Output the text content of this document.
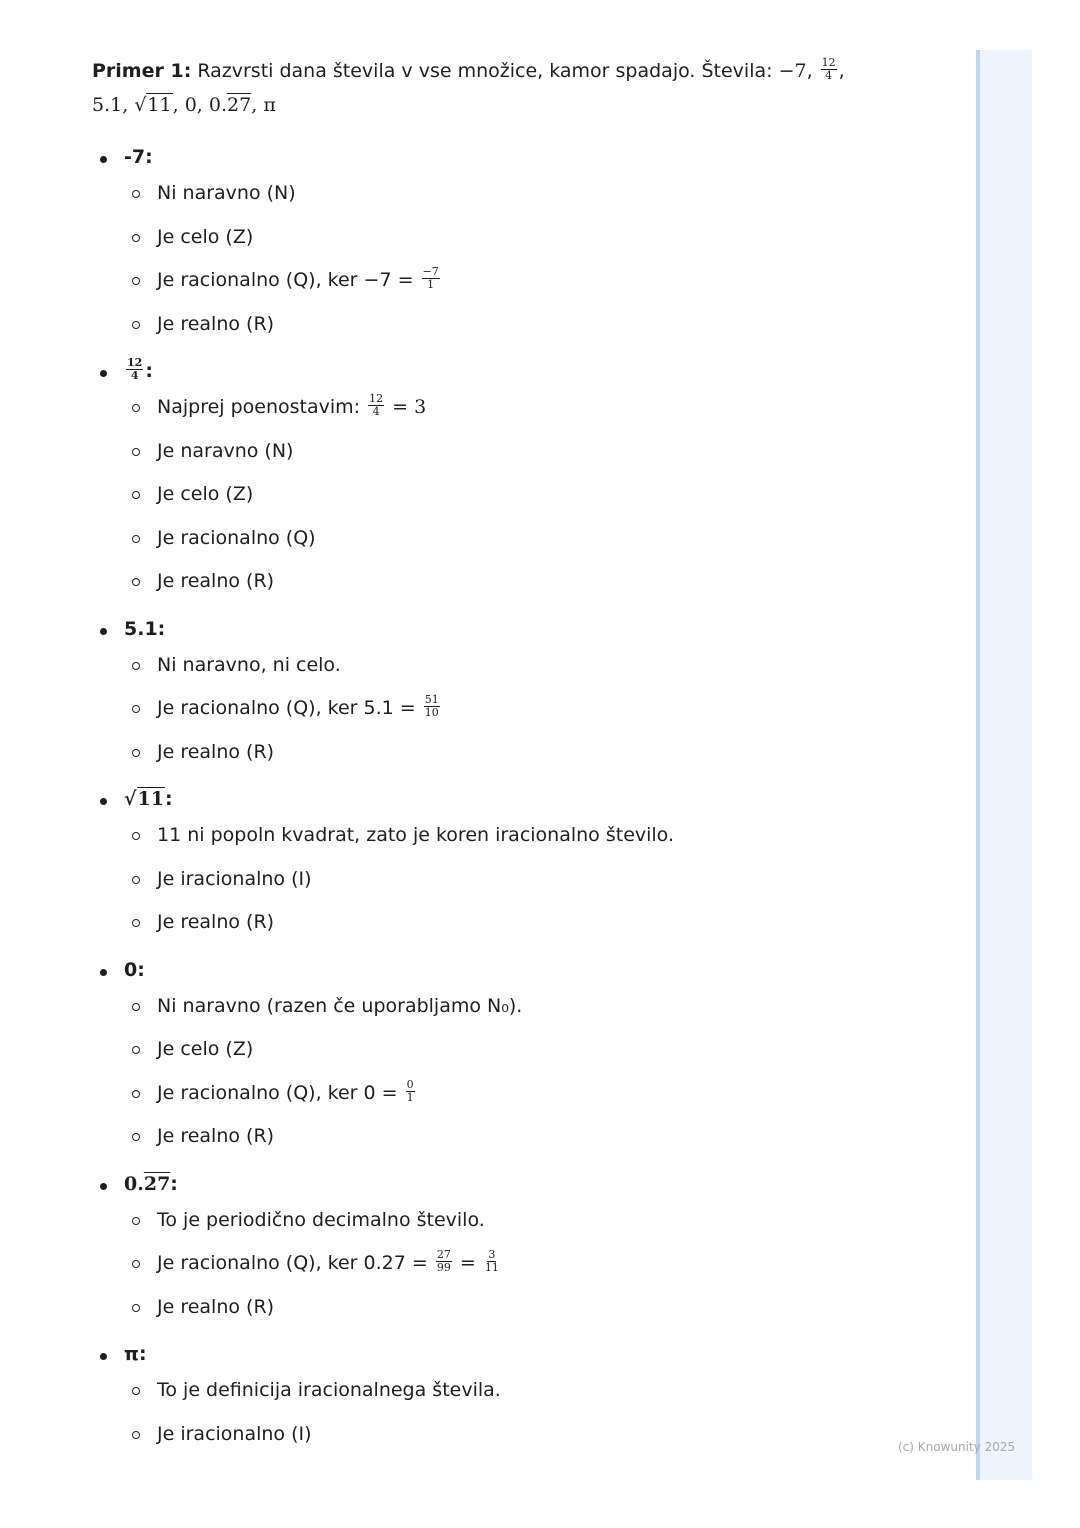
(c) Knowunity 2025

Primer 1: Razvrsti dana števila v vse množice, kamor spadajo. Števila: −7, $\frac{12}{4}$ ,
5.1, √11, 0, 0.27, π

-7:
Ni naravno (N)
Je celo (Z)
Je racionalno (Q), ker $-7 = \frac{-7}{1}$
Je realno (R)
$\frac{12}{4}$ :
Najprej poenostavim: $\frac{12}{4} = 3$
Je naravno (N)
Je celo (Z)
Je racionalno (Q)
Je realno (R)
5.1:
Ni naravno, ni celo.
Je racionalno (Q), ker $5.1 = \frac{51}{10}$
Je realno (R)
√11:
11 ni popoln kvadrat, zato je koren iracionalno število.
Je iracionalno (I)
Je realno (R)
0:
Ni naravno (razen če uporabljamo N₀).
Je celo (Z)
Je racionalno (Q), ker $0 = \frac{0}{1}$
Je realno (R)
0.27:
To je periodično decimalno število.
Je racionalno (Q), ker $0.27 = \frac{27}{99} = \frac{3}{11}$
Je realno (R)
π:
To je definicija iracionalnega števila.
Je iracionalno (I)
